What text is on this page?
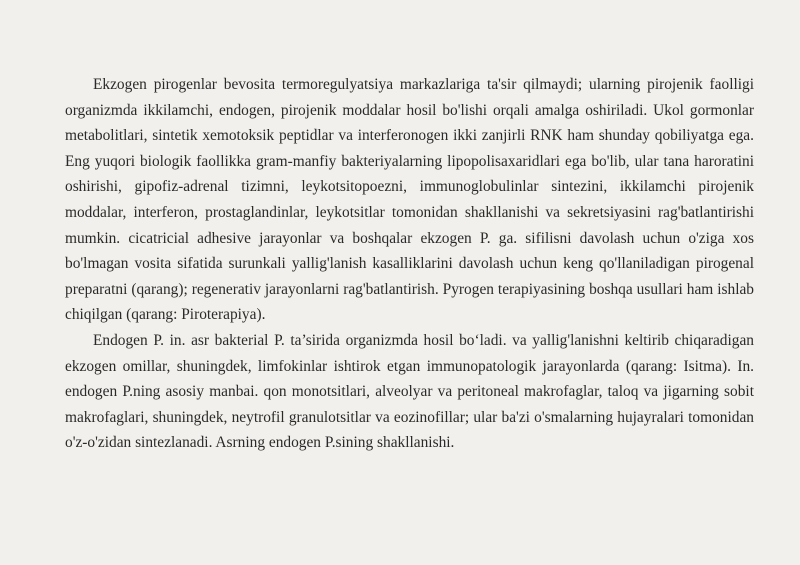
Ekzogen pirogenlar bevosita termoregulyatsiya markazlariga ta'sir qilmaydi; ularning pirojenik faolligi organizmda ikkilamchi, endogen, pirojenik moddalar hosil bo'lishi orqali amalga oshiriladi. Ukol gormonlar metabolitlari, sintetik xemotoksik peptidlar va interferonogen ikki zanjirli RNK ham shunday qobiliyatga ega. Eng yuqori biologik faollikka gram-manfiy bakteriyalarning lipopolisaxaridlari ega bo'lib, ular tana haroratini oshirishi, gipofiz-adrenal tizimni, leykotsitopoezni, immunoglobulinlar sintezini, ikkilamchi pirojenik moddalar, interferon, prostaglandinlar, leykotsitlar tomonidan shakllanishi va sekretsiyasini rag'batlantirishi mumkin. cicatricial adhesive jarayonlar va boshqalar ekzogen P. ga. sifilisni davolash uchun o'ziga xos bo'lmagan vosita sifatida surunkali yallig'lanish kasalliklarini davolash uchun keng qo'llaniladigan pirogenal preparatni (qarang); regenerativ jarayonlarni rag'batlantirish. Pyrogen terapiyasining boshqa usullari ham ishlab chiqilgan (qarang: Piroterapiya).

Endogen P. in. asr bakterial P. ta’sirida organizmda hosil bo‘ladi. va yallig'lanishni keltirib chiqaradigan ekzogen omillar, shuningdek, limfokinlar ishtirok etgan immunopatologik jarayonlarda (qarang: Isitma). In. endogen P.ning asosiy manbai. qon monotsitlari, alveolyar va peritoneal makrofaglar, taloq va jigarning sobit makrofaglari, shuningdek, neytrofil granulotsitlar va eozinofillar; ular ba'zi o'smalarning hujayralari tomonidan o'z-o'zidan sintezlanadi. Asrning endogen P.sining shakllanishi.
